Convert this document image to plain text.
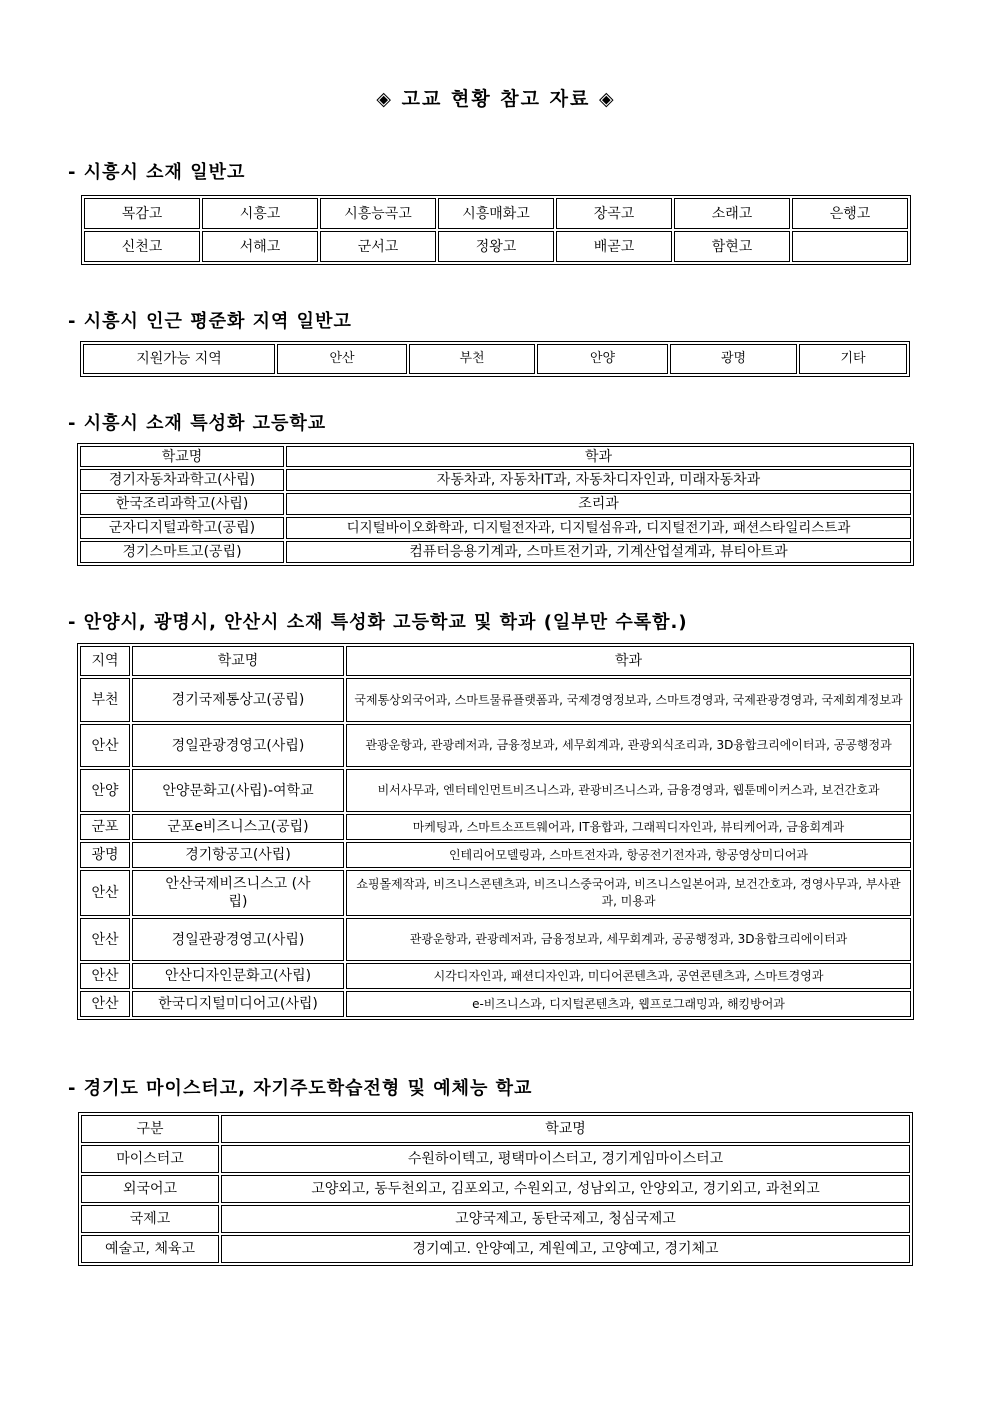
◈ 고교 현황 참고 자료 ◈
- 시흥시 소재 일반고
목감고	시흥고	시흥능곡고	시흥매화고	장곡고	소래고	은행고
신천고	서해고	군서고	정왕고	배곧고	함현고	
- 시흥시 인근 평준화 지역 일반고
지원가능 지역	안산	부천	안양	광명	기타
- 시흥시 소재 특성화 고등학교
학교명	학과
경기자동차과학고(사립)	자동차과, 자동차IT과, 자동차디자인과, 미래자동차과
한국조리과학고(사립)	조리과
군자디지털과학고(공립)	디지털바이오화학과, 디지털전자과, 디지털섬유과, 디지털전기과, 패션스타일리스트과
경기스마트고(공립)	컴퓨터응용기계과, 스마트전기과, 기계산업설계과, 뷰티아트과
- 안양시, 광명시, 안산시 소재 특성화 고등학교 및 학과 (일부만 수록함.)
지역	학교명	학과
부천	경기국제통상고(공립)	국제통상외국어과, 스마트물류플랫폼과, 국제경영정보과, 스마트경영과, 국제관광경영과, 국제회계정보과
안산	경일관광경영고(사립)	관광운항과, 관광레저과, 금융정보과, 세무회계과, 관광외식조리과, 3D융합크리에이터과, 공공행정과
안양	안양문화고(사립)-여학교	비서사무과, 엔터테인먼트비즈니스과, 관광비즈니스과, 금융경영과, 웹툰메이커스과, 보건간호과
군포	군포e비즈니스고(공립)	마케팅과, 스마트소프트웨어과, IT융합과, 그래픽디자인과, 뷰티케어과, 금융회계과
광명	경기항공고(사립)	인테리어모델링과, 스마트전자과, 항공전기전자과, 항공영상미디어과
안산	안산국제비즈니스고 (사립)	쇼핑몰제작과, 비즈니스콘텐츠과, 비즈니스중국어과, 비즈니스일본어과, 보건간호과, 경영사무과, 부사관과, 미용과
안산	경일관광경영고(사립)	관광운항과, 관광레저과, 금융정보과, 세무회계과, 공공행정과, 3D융합크리에이터과
안산	안산디자인문화고(사립)	시각디자인과, 패션디자인과, 미디어콘텐츠과, 공연콘텐츠과, 스마트경영과
안산	한국디지털미디어고(사립)	e-비즈니스과, 디지털콘텐츠과, 웹프로그래밍과, 해킹방어과
- 경기도 마이스터고, 자기주도학습전형 및 예체능 학교
구분	학교명
마이스터고	수원하이텍고, 평택마이스터고, 경기게임마이스터고
외국어고	고양외고, 동두천외고, 김포외고, 수원외고, 성남외고, 안양외고, 경기외고, 과천외고
국제고	고양국제고, 동탄국제고, 청심국제고
예술고, 체육고	경기예고. 안양예고, 계원예고, 고양예고, 경기체고
